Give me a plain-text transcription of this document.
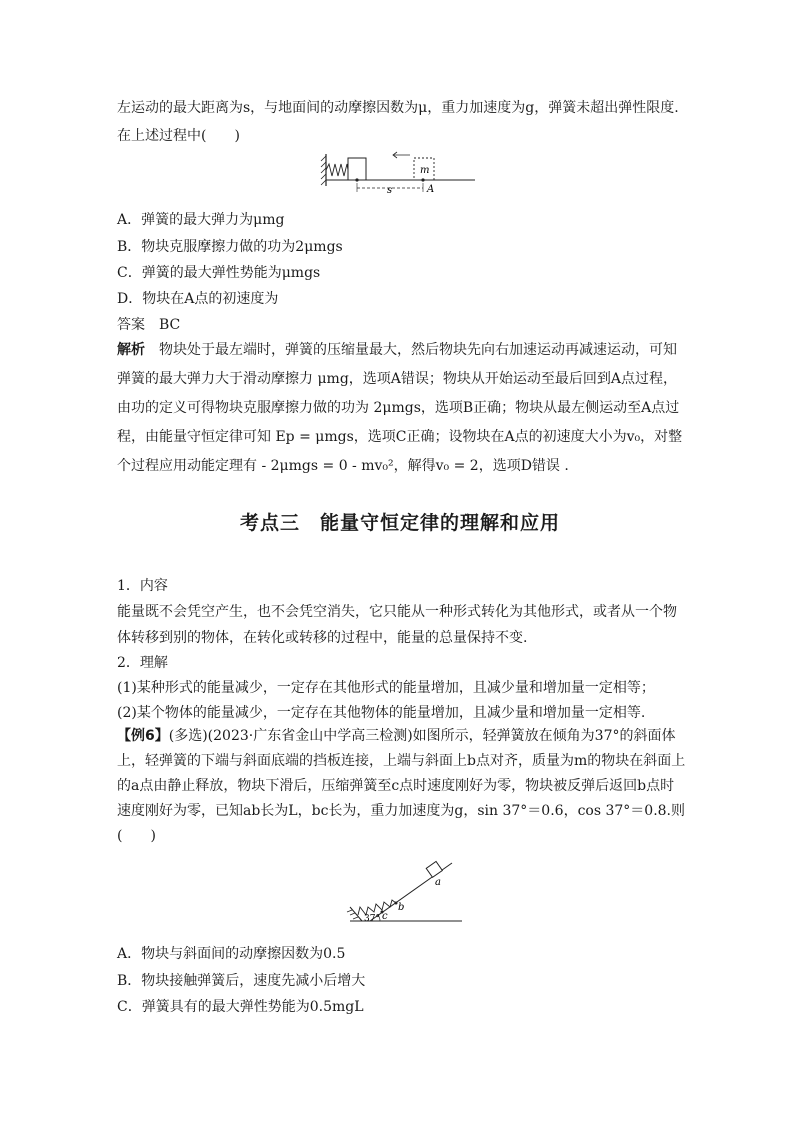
左运动的最大距离为s，与地面间的动摩擦因数为μ，重力加速度为g，弹簧未超出弹性限度.
在上述过程中(　　)
m
s	A
A．弹簧的最大弹力为μmg
B．物块克服摩擦力做的功为2μmgs
C．弹簧的最大弹性势能为μmgs
D．物块在A点的初速度为
答案　BC
解析　 物块处于最左端时，弹簧的压缩量最大，然后物块先向右加速运动再减速运动，可知弹簧的最大弹力大于滑动摩擦力 μmg，选项A错误；物块从开始运动至最后回到A点过程，由功的定义可得物块克服摩擦力做的功为 2μmgs，选项B正确；物块从最左侧运动至A点过程，由能量守恒定律可知 Ep = μmgs，选项C正确；设物块在A点的初速度大小为v₀，对整个过程应用动能定理有 - 2μmgs = 0 - mv₀²，解得v₀ = 2，选项D错误 .
考点三　能量守恒定律的理解和应用
1．内容
能量既不会凭空产生，也不会凭空消失，它只能从一种形式转化为其他形式，或者从一个物
体转移到别的物体，在转化或转移的过程中，能量的总量保持不变.
2．理解
(1)某种形式的能量减少，一定存在其他形式的能量增加，且减少量和增加量一定相等；
(2)某个物体的能量减少，一定存在其他物体的能量增加，且减少量和增加量一定相等.
【例6】(多选)(2023·广东省金山中学高三检测)如图所示，轻弹簧放在倾角为37°的斜面体上，轻弹簧的下端与斜面底端的挡板连接，上端与斜面上b点对齐，质量为m的物块在斜面上的a点由静止释放，物块下滑后，压缩弹簧至c点时速度刚好为零，物块被反弹后返回b点时速度刚好为零，已知ab长为L，bc长为，重力加速度为g，sin 37°＝0.6，cos 37°＝0.8.则(　　)
a
b
c
37°
A．物块与斜面间的动摩擦因数为0.5
B．物块接触弹簧后，速度先减小后增大
C．弹簧具有的最大弹性势能为0.5mgL
